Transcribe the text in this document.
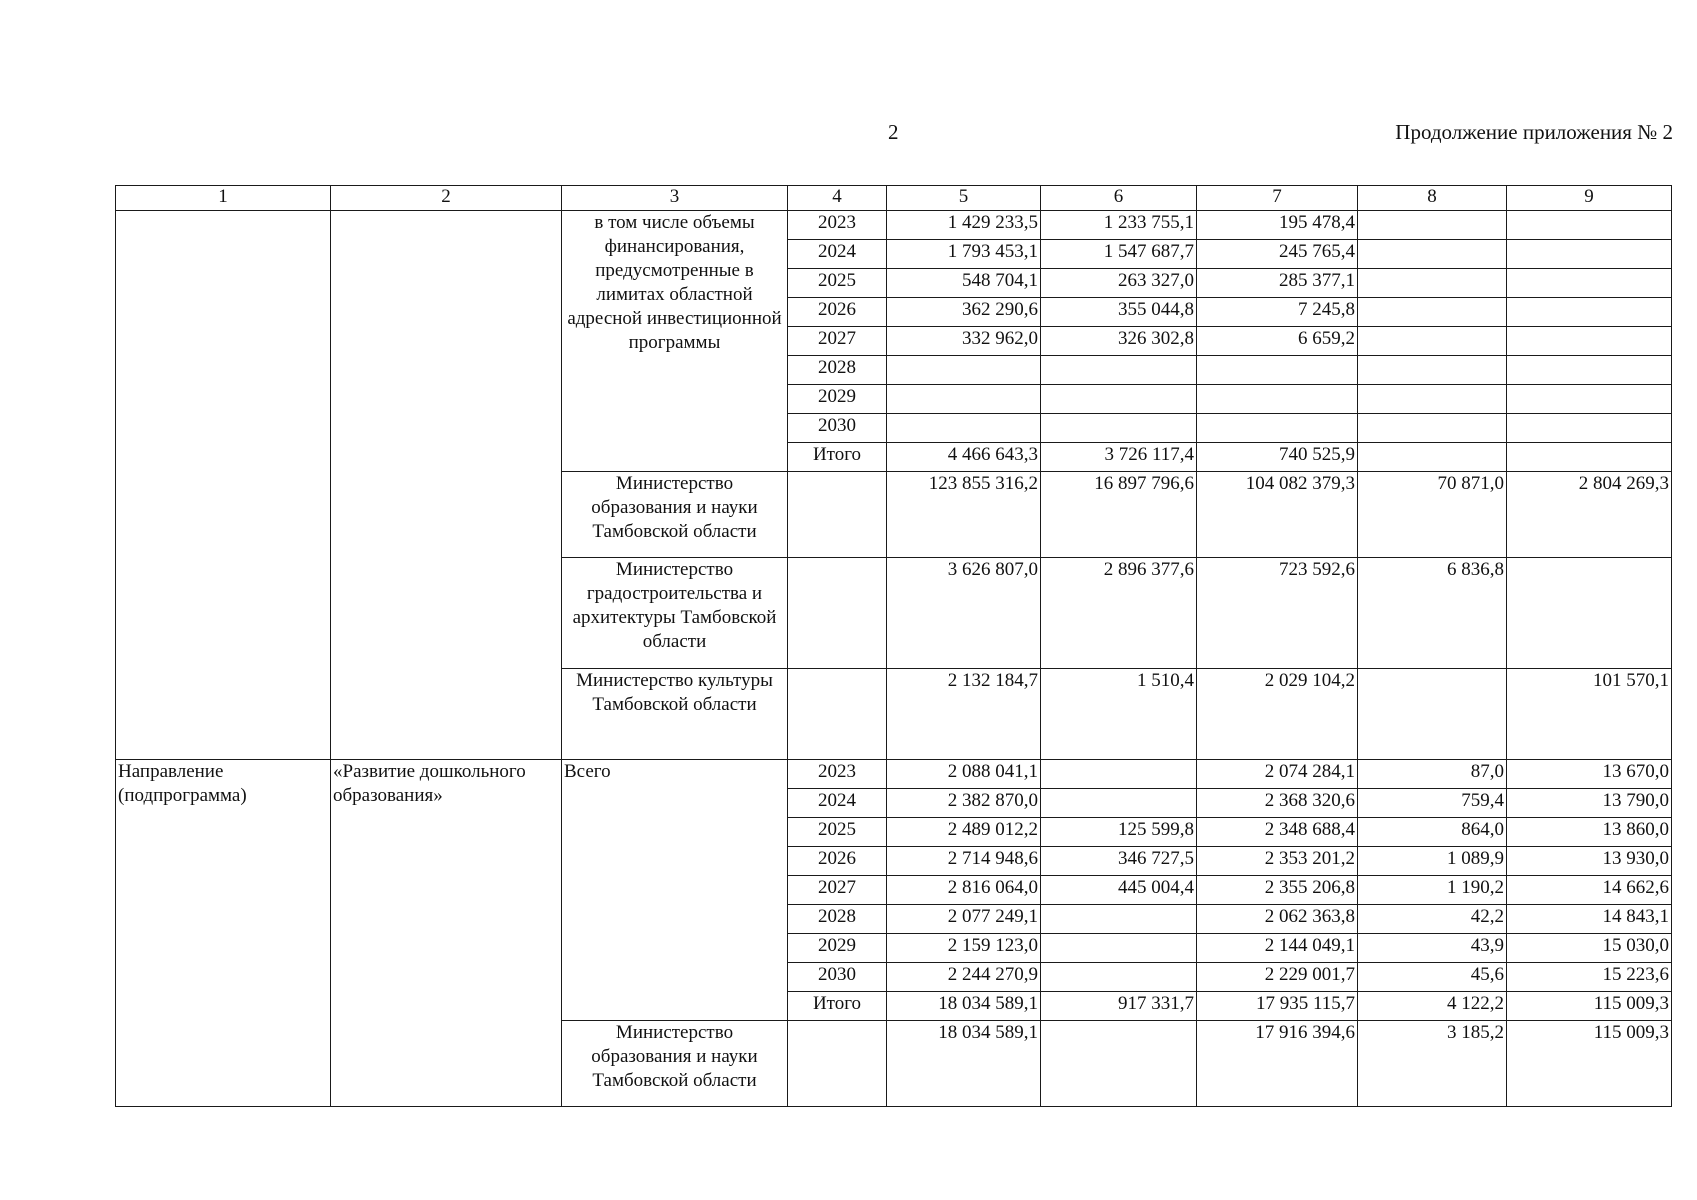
2	Продолжение приложения № 2
1	2	3	4	5	6	7	8	9
		в том числе объемы финансирования, предусмотренные в лимитах областной адресной инвестиционной программы	2023	1 429 233,5	1 233 755,1	195 478,4		
			2024	1 793 453,1	1 547 687,7	245 765,4		
			2025	548 704,1	263 327,0	285 377,1		
			2026	362 290,6	355 044,8	7 245,8		
			2027	332 962,0	326 302,8	6 659,2		
			2028					
			2029					
			2030					
			Итого	4 466 643,3	3 726 117,4	740 525,9		
		Министерство образования и науки Тамбовской области		123 855 316,2	16 897 796,6	104 082 379,3	70 871,0	2 804 269,3
		Министерство градостроительства и архитектуры Тамбовской области		3 626 807,0	2 896 377,6	723 592,6	6 836,8	
		Министерство культуры Тамбовской области		2 132 184,7	1 510,4	2 029 104,2		101 570,1
Направление (подпрограмма)	«Развитие дошкольного образования»	Всего	2023	2 088 041,1		2 074 284,1	87,0	13 670,0
			2024	2 382 870,0		2 368 320,6	759,4	13 790,0
			2025	2 489 012,2	125 599,8	2 348 688,4	864,0	13 860,0
			2026	2 714 948,6	346 727,5	2 353 201,2	1 089,9	13 930,0
			2027	2 816 064,0	445 004,4	2 355 206,8	1 190,2	14 662,6
			2028	2 077 249,1		2 062 363,8	42,2	14 843,1
			2029	2 159 123,0		2 144 049,1	43,9	15 030,0
			2030	2 244 270,9		2 229 001,7	45,6	15 223,6
			Итого	18 034 589,1	917 331,7	17 935 115,7	4 122,2	115 009,3
		Министерство образования и науки Тамбовской области		18 034 589,1		17 916 394,6	3 185,2	115 009,3
